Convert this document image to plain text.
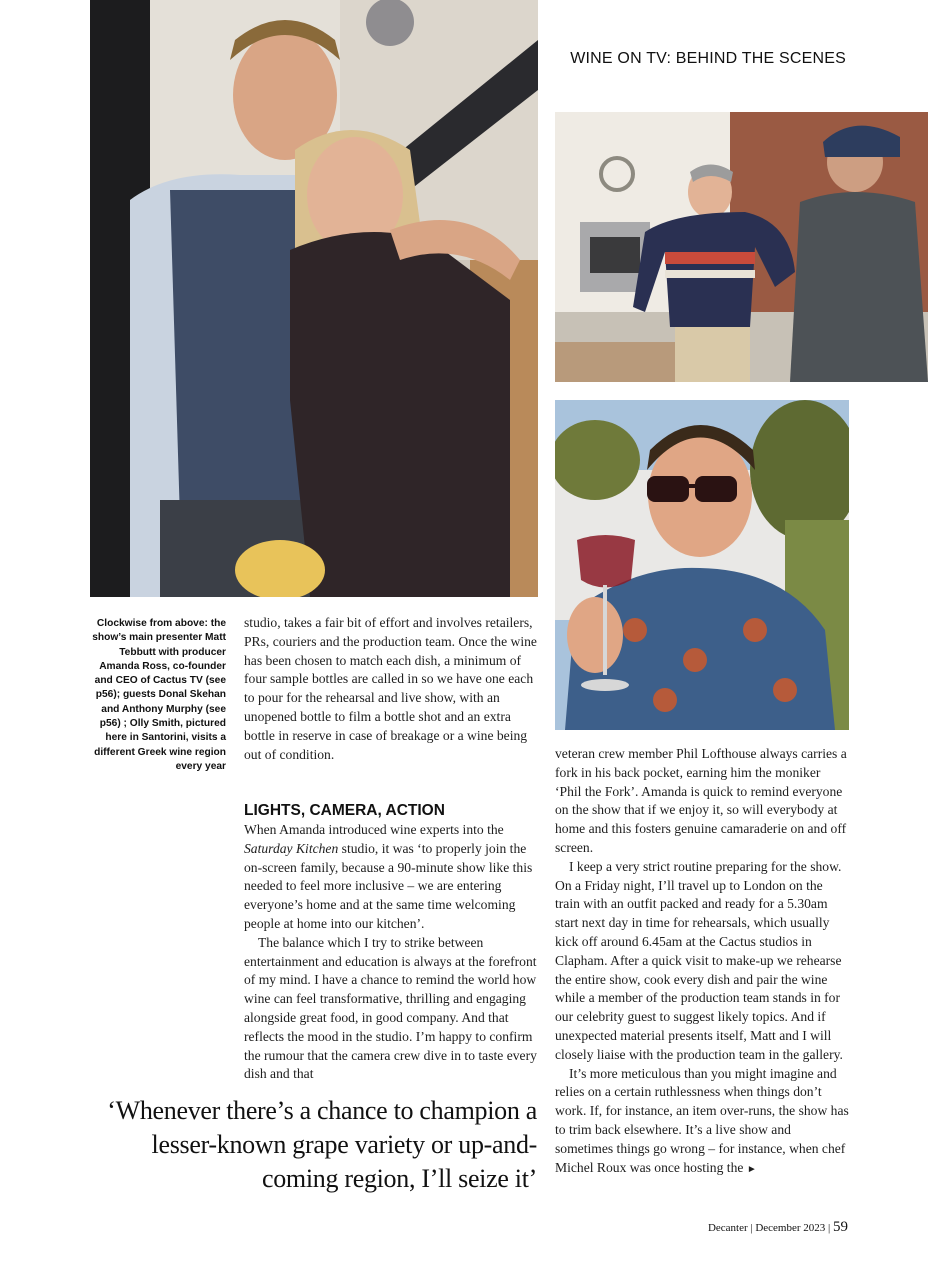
WINE ON TV: BEHIND THE SCENES
Clockwise from above: the show’s main presenter Matt Tebbutt with producer Amanda Ross, co-founder and CEO of Cactus TV (see p56); guests Donal Skehan and Anthony Murphy (see p56) ; Olly Smith, pictured here in Santorini, visits a different Greek wine region every year

studio, takes a fair bit of effort and involves retailers, PRs, couriers and the production team. Once the wine has been chosen to match each dish, a minimum of four sample bottles are called in so we have one each to pour for the rehearsal and live show, with an unopened bottle to film a bottle shot and an extra bottle in reserve in case of breakage or a wine being out of condition.

LIGHTS, CAMERA, ACTION

When Amanda introduced wine experts into the Saturday Kitchen studio, it was ‘to properly join the on-screen family, because a 90-minute show like this needed to feel more inclusive – we are entering everyone’s home and at the same time welcoming people at home into our kitchen’.

The balance which I try to strike between entertainment and education is always at the forefront of my mind. I have a chance to remind the world how wine can feel transformative, thrilling and engaging alongside great food, in good company. And that reflects the mood in the studio. I’m happy to confirm the rumour that the camera crew dive in to taste every dish and that

veteran crew member Phil Lofthouse always carries a fork in his back pocket, earning him the moniker ‘Phil the Fork’. Amanda is quick to remind everyone on the show that if we enjoy it, so will everybody at home and this fosters genuine camaraderie on and off screen.

I keep a very strict routine preparing for the show. On a Friday night, I’ll travel up to London on the train with an outfit packed and ready for a 5.30am start next day in time for rehearsals, which usually kick off around 6.45am at the Cactus studios in Clapham. After a quick visit to make-up we rehearse the entire show, cook every dish and pair the wine while a member of the production team stands in for our celebrity guest to suggest likely topics. And if unexpected material presents itself, Matt and I will closely liaise with the production team in the gallery.

It’s more meticulous than you might imagine and relies on a certain ruthlessness when things don’t work. If, for instance, an item over-runs, the show has to trim back elsewhere. It’s a live show and sometimes things go wrong – for instance, when chef Michel Roux was once hosting the ►

‘Whenever there’s a chance to champion a lesser-known grape variety or up-and-coming region, I’ll seize it’
Decanter | December 2023 | 59
